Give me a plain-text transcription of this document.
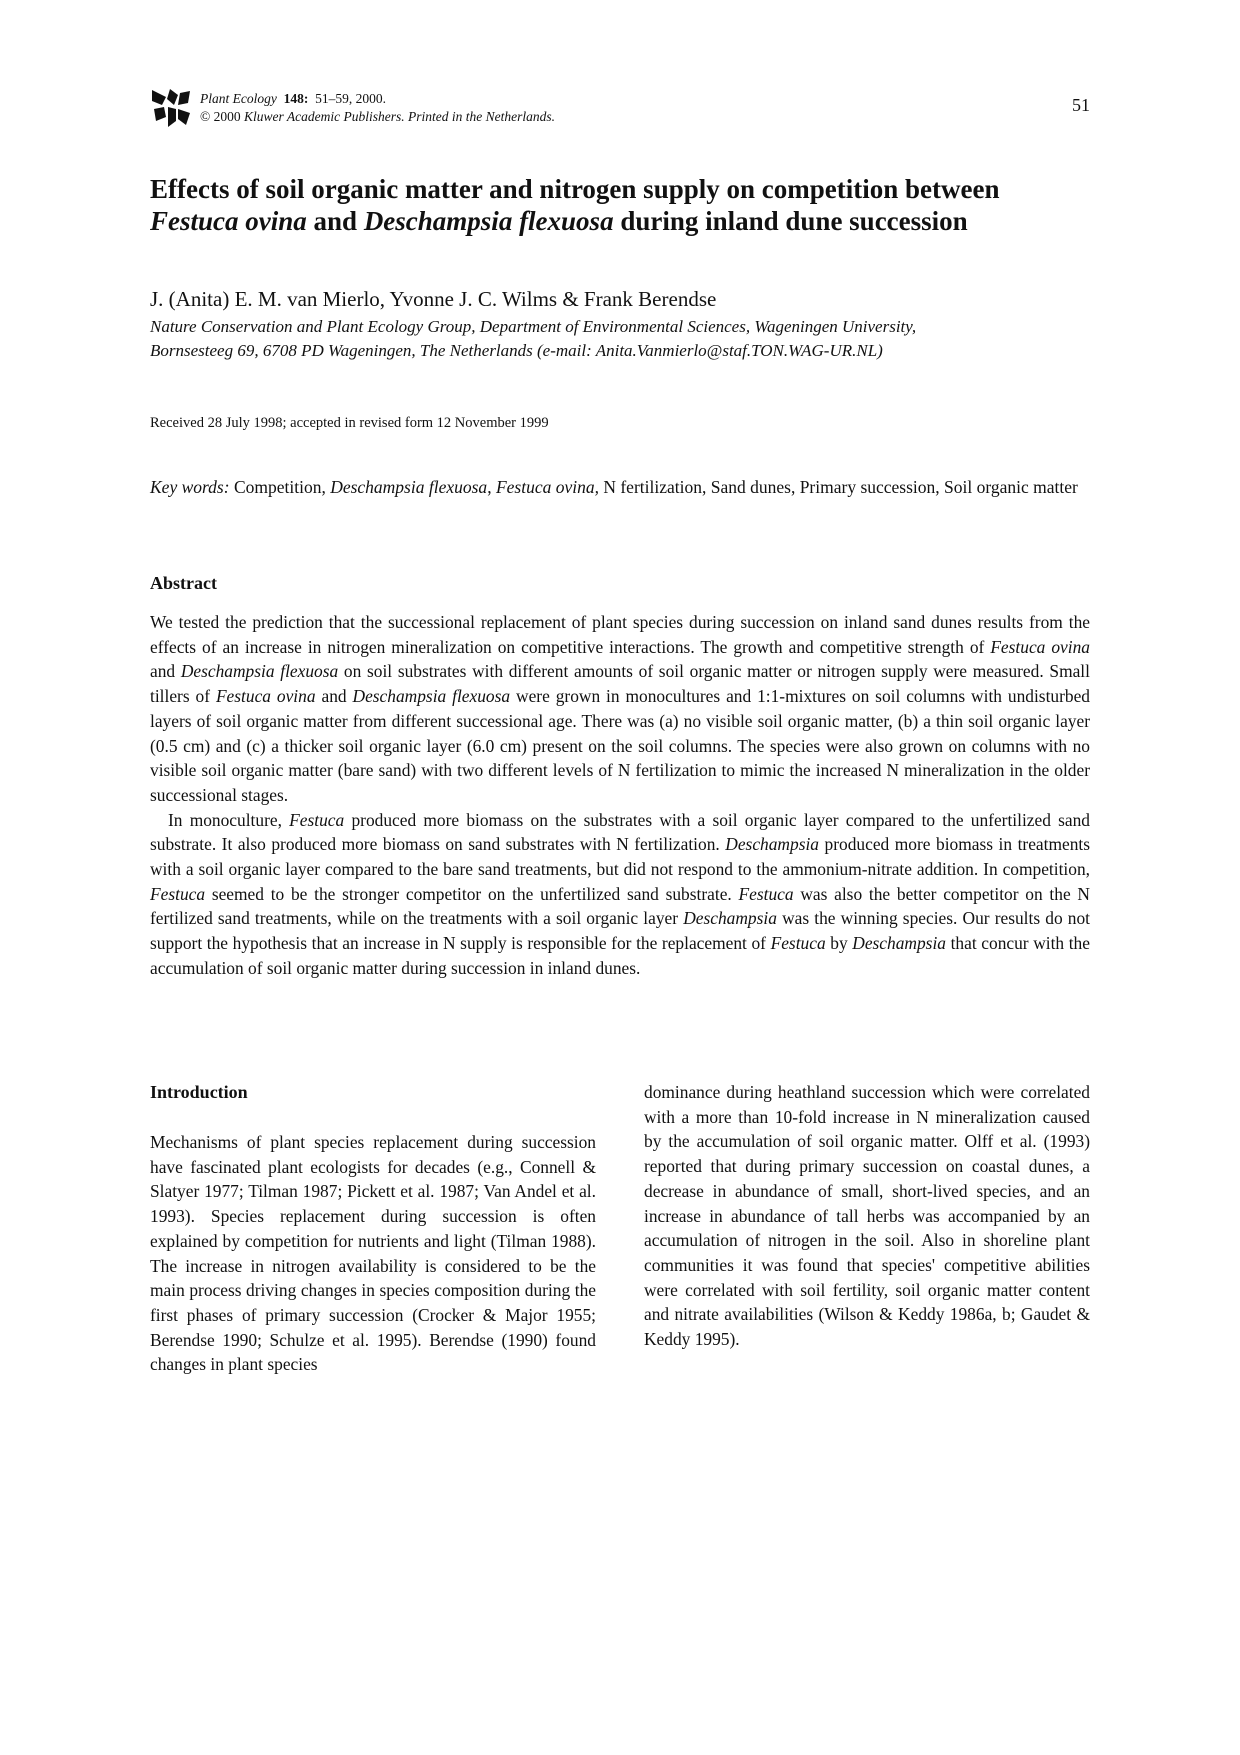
Plant Ecology 148: 51–59, 2000.
© 2000 Kluwer Academic Publishers. Printed in the Netherlands.
51
Effects of soil organic matter and nitrogen supply on competition between
Festuca ovina and Deschampsia flexuosa during inland dune succession
J. (Anita) E. M. van Mierlo, Yvonne J. C. Wilms & Frank Berendse
Nature Conservation and Plant Ecology Group, Department of Environmental Sciences, Wageningen University,
Bornsesteeg 69, 6708 PD Wageningen, The Netherlands (e-mail: Anita.Vanmierlo@staf.TON.WAG-UR.NL)
Received 28 July 1998; accepted in revised form 12 November 1999
Key words: Competition, Deschampsia flexuosa, Festuca ovina, N fertilization, Sand dunes, Primary succession, Soil organic matter
Abstract

We tested the prediction that the successional replacement of plant species during succession on inland sand dunes results from the effects of an increase in nitrogen mineralization on competitive interactions. The growth and competitive strength of Festuca ovina and Deschampsia flexuosa on soil substrates with different amounts of soil organic matter or nitrogen supply were measured. Small tillers of Festuca ovina and Deschampsia flexuosa were grown in monocultures and 1:1-mixtures on soil columns with undisturbed layers of soil organic matter from different successional age. There was (a) no visible soil organic matter, (b) a thin soil organic layer (0.5 cm) and (c) a thicker soil organic layer (6.0 cm) present on the soil columns. The species were also grown on columns with no visible soil organic matter (bare sand) with two different levels of N fertilization to mimic the increased N mineralization in the older successional stages.

In monoculture, Festuca produced more biomass on the substrates with a soil organic layer compared to the unfertilized sand substrate. It also produced more biomass on sand substrates with N fertilization. Deschampsia produced more biomass in treatments with a soil organic layer compared to the bare sand treatments, but did not respond to the ammonium-nitrate addition. In competition, Festuca seemed to be the stronger competitor on the unfertilized sand substrate. Festuca was also the better competitor on the N fertilized sand treatments, while on the treatments with a soil organic layer Deschampsia was the winning species. Our results do not support the hypothesis that an increase in N supply is responsible for the replacement of Festuca by Deschampsia that concur with the accumulation of soil organic matter during succession in inland dunes.

Introduction

Mechanisms of plant species replacement during succession have fascinated plant ecologists for decades (e.g., Connell & Slatyer 1977; Tilman 1987; Pickett et al. 1987; Van Andel et al. 1993). Species replacement during succession is often explained by competition for nutrients and light (Tilman 1988). The increase in nitrogen availability is considered to be the main process driving changes in species composition during the first phases of primary succession (Crocker & Major 1955; Berendse 1990; Schulze et al. 1995). Berendse (1990) found changes in plant species

dominance during heathland succession which were correlated with a more than 10-fold increase in N mineralization caused by the accumulation of soil organic matter. Olff et al. (1993) reported that during primary succession on coastal dunes, a decrease in abundance of small, short-lived species, and an increase in abundance of tall herbs was accompanied by an accumulation of nitrogen in the soil. Also in shoreline plant communities it was found that species' competitive abilities were correlated with soil fertility, soil organic matter content and nitrate availabilities (Wilson & Keddy 1986a, b; Gaudet & Keddy 1995).
